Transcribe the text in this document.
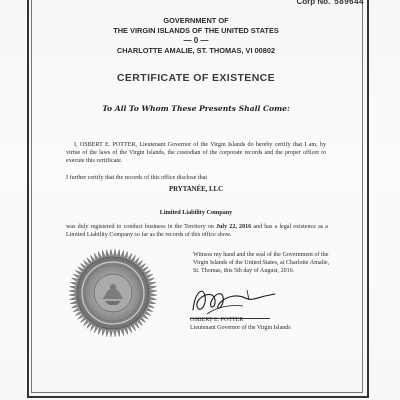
Corp No. 589644
GOVERNMENT OF
THE VIRGIN ISLANDS OF THE UNITED STATES
— 0 —
CHARLOTTE AMALIE, ST. THOMAS, VI 00802
CERTIFICATE OF EXISTENCE
To All To Whom These Presents Shall Come:
I, OSBERT E. POTTER, Lieutenant Governor of the Virgin Islands do hereby certify that I am, by virtue of the laws of the Virgin Islands, the custodian of the corporate records and the proper officer to execute this certificate.
I further certify that the records of this office disclose that
PRYTANÉE, LLC
Limited Liability Company
was duly registered to conduct business in the Territory on July 22, 2016 and has a legal existence as a Limited Liability Company so far as the records of this office show.
Witness my hand and the seal of the Government of the Virgin Islands of the United States, at Charlotte Amalie, St. Thomas, this 5th day of August, 2016.
OSBERT E. POTTER
Lieutenant Governor of the Virgin Islands
